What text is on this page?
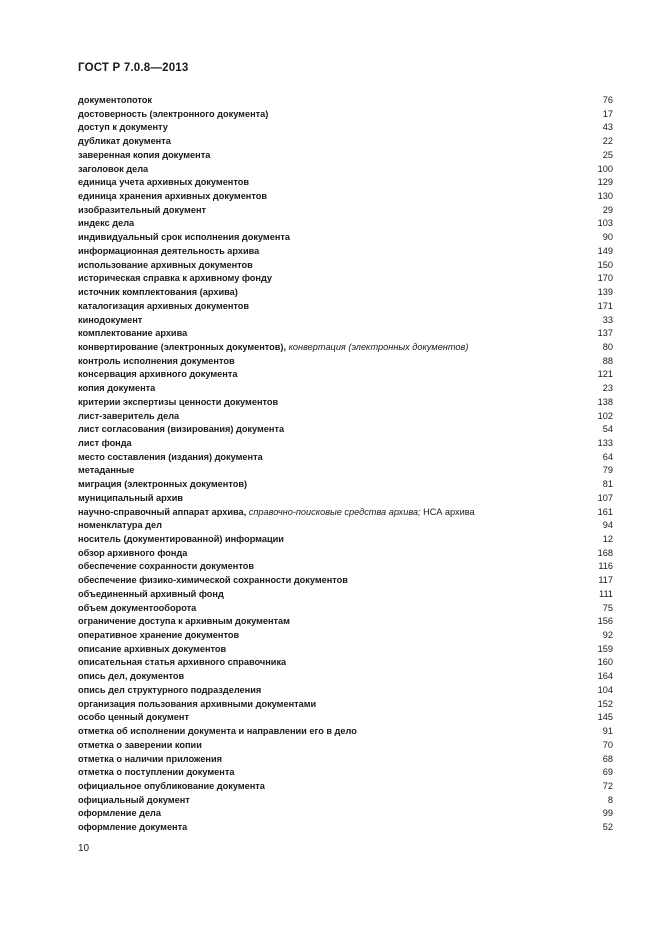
ГОСТ Р 7.0.8—2013
документопоток	76
достоверность (электронного документа)	17
доступ к документу	43
дубликат документа	22
заверенная копия документа	25
заголовок дела	100
единица учета архивных документов	129
единица хранения архивных документов	130
изобразительный документ	29
индекс дела	103
индивидуальный срок исполнения документа	90
информационная деятельность архива	149
использование архивных документов	150
историческая справка к архивному фонду	170
источник комплектования (архива)	139
каталогизация архивных документов	171
кинодокумент	33
комплектование архива	137
конвертирование (электронных документов), конвертация (электронных документов)	80
контроль исполнения документов	88
консервация архивного документа	121
копия документа	23
критерии экспертизы ценности документов	138
лист-заверитель дела	102
лист согласования (визирования) документа	54
лист фонда	133
место составления (издания) документа	64
метаданные	79
миграция (электронных документов)	81
муниципальный архив	107
научно-справочный аппарат архива, справочно-поисковые средства архива; НСА архива	161
номенклатура дел	94
носитель (документированной) информации	12
обзор архивного фонда	168
обеспечение сохранности документов	116
обеспечение физико-химической сохранности документов	117
объединенный архивный фонд	111
объем документооборота	75
ограничение доступа к архивным документам	156
оперативное хранение документов	92
описание архивных документов	159
описательная статья архивного справочника	160
опись дел, документов	164
опись дел структурного подразделения	104
организация пользования архивными документами	152
особо ценный документ	145
отметка об исполнении документа и направлении его в дело	91
отметка о заверении копии	70
отметка о наличии приложения	68
отметка о поступлении документа	69
официальное опубликование документа	72
официальный документ	8
оформление дела	99
оформление документа	52
10
